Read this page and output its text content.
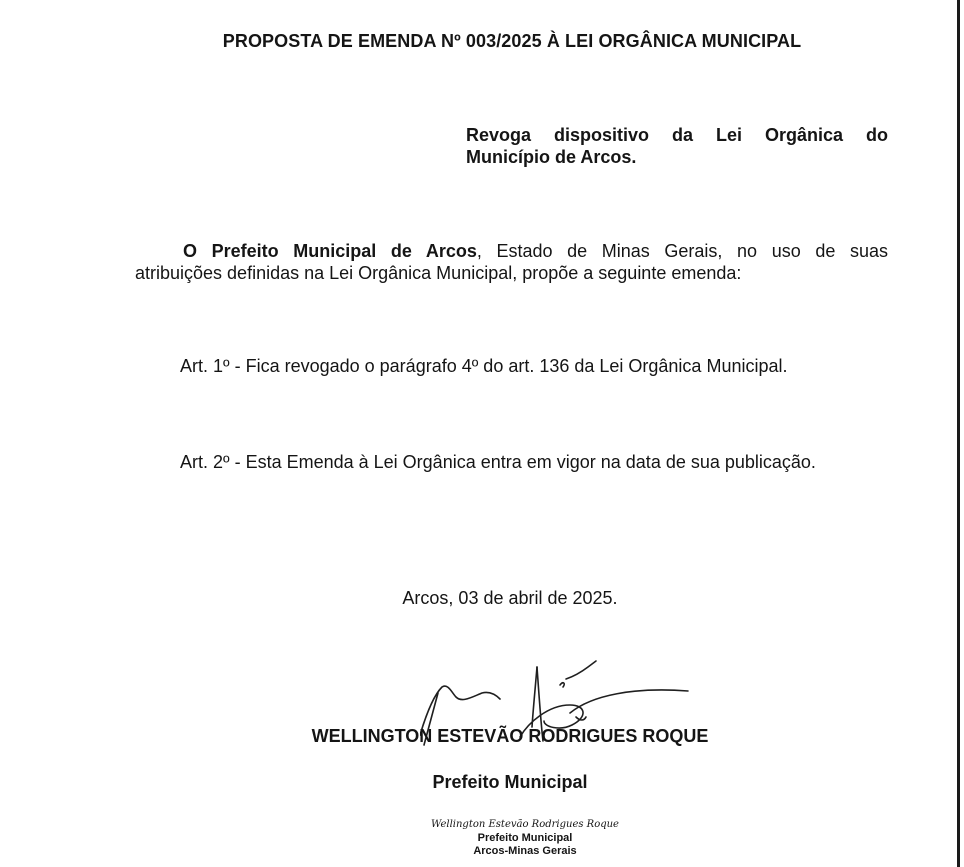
PROPOSTA DE EMENDA Nº 003/2025 À LEI ORGÂNICA MUNICIPAL
Revoga dispositivo da Lei Orgânica do
Município de Arcos.
O Prefeito Municipal de Arcos, Estado de Minas Gerais, no uso de suas
atribuições definidas na Lei Orgânica Municipal, propõe a seguinte emenda:
Art. 1º - Fica revogado o parágrafo 4º do art. 136 da Lei Orgânica Municipal.
Art. 2º - Esta Emenda à Lei Orgânica entra em vigor na data de sua publicação.
Arcos, 03 de abril de 2025.
WELLINGTON ESTEVÃO RODRIGUES ROQUE
Prefeito Municipal
Wellington Estevão Rodrigues Roque
Prefeito Municipal
Arcos-Minas Gerais
